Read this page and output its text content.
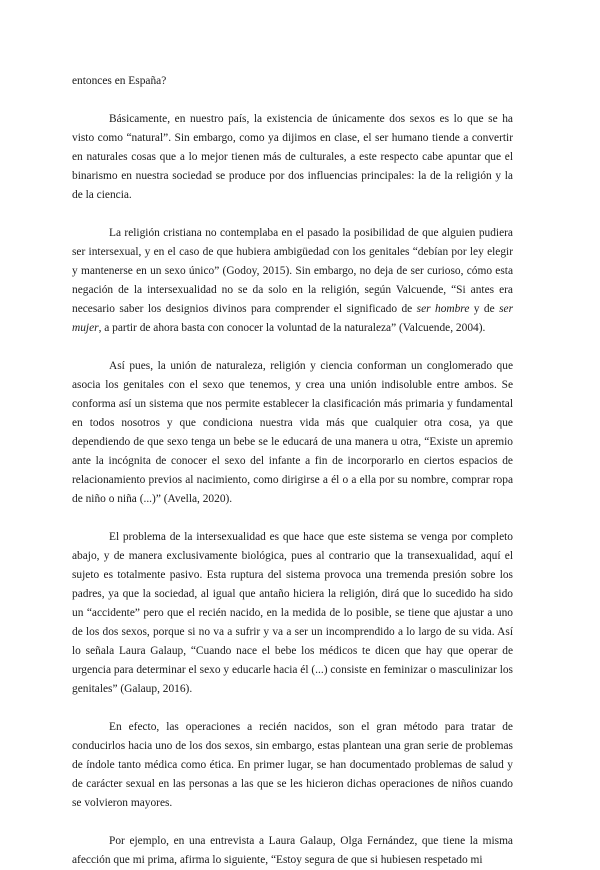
entonces en España?

Básicamente, en nuestro país, la existencia de únicamente dos sexos es lo que se ha visto como “natural”. Sin embargo, como ya dijimos en clase, el ser humano tiende a convertir en naturales cosas que a lo mejor tienen más de culturales, a este respecto cabe apuntar que el binarismo en nuestra sociedad se produce por dos influencias principales: la de la religión y la de la ciencia.

La religión cristiana no contemplaba en el pasado la posibilidad de que alguien pudiera ser intersexual, y en el caso de que hubiera ambigüedad con los genitales “debían por ley elegir y mantenerse en un sexo único” (Godoy, 2015). Sin embargo, no deja de ser curioso, cómo esta negación de la intersexualidad no se da solo en la religión, según Valcuende, “Si antes era necesario saber los designios divinos para comprender el significado de ser hombre y de ser mujer, a partir de ahora basta con conocer la voluntad de la naturaleza” (Valcuende, 2004).

Así pues, la unión de naturaleza, religión y ciencia conforman un conglomerado que asocia los genitales con el sexo que tenemos, y crea una unión indisoluble entre ambos. Se conforma así un sistema que nos permite establecer la clasificación más primaria y fundamental en todos nosotros y que condiciona nuestra vida más que cualquier otra cosa, ya que dependiendo de que sexo tenga un bebe se le educará de una manera u otra, “Existe un apremio ante la incógnita de conocer el sexo del infante a fin de incorporarlo en ciertos espacios de relacionamiento previos al nacimiento, como dirigirse a él o a ella por su nombre, comprar ropa de niño o niña (...)” (Avella, 2020).

El problema de la intersexualidad es que hace que este sistema se venga por completo abajo, y de manera exclusivamente biológica, pues al contrario que la transexualidad, aquí el sujeto es totalmente pasivo. Esta ruptura del sistema provoca una tremenda presión sobre los padres, ya que la sociedad, al igual que antaño hiciera la religión, dirá que lo sucedido ha sido un “accidente” pero que el recién nacido, en la medida de lo posible, se tiene que ajustar a uno de los dos sexos, porque si no va a sufrir y va a ser un incomprendido a lo largo de su vida. Así lo señala Laura Galaup, “Cuando nace el bebe los médicos te dicen que hay que operar de urgencia para determinar el sexo y educarle hacia él (...) consiste en feminizar o masculinizar los genitales” (Galaup, 2016).

En efecto, las operaciones a recién nacidos, son el gran método para tratar de conducirlos hacia uno de los dos sexos, sin embargo, estas plantean una gran serie de problemas de índole tanto médica como ética. En primer lugar, se han documentado problemas de salud y de carácter sexual en las personas a las que se les hicieron dichas operaciones de niños cuando se volvieron mayores.

Por ejemplo, en una entrevista a Laura Galaup, Olga Fernández, que tiene la misma afección que mi prima, afirma lo siguiente, “Estoy segura de que si hubiesen respetado mi
